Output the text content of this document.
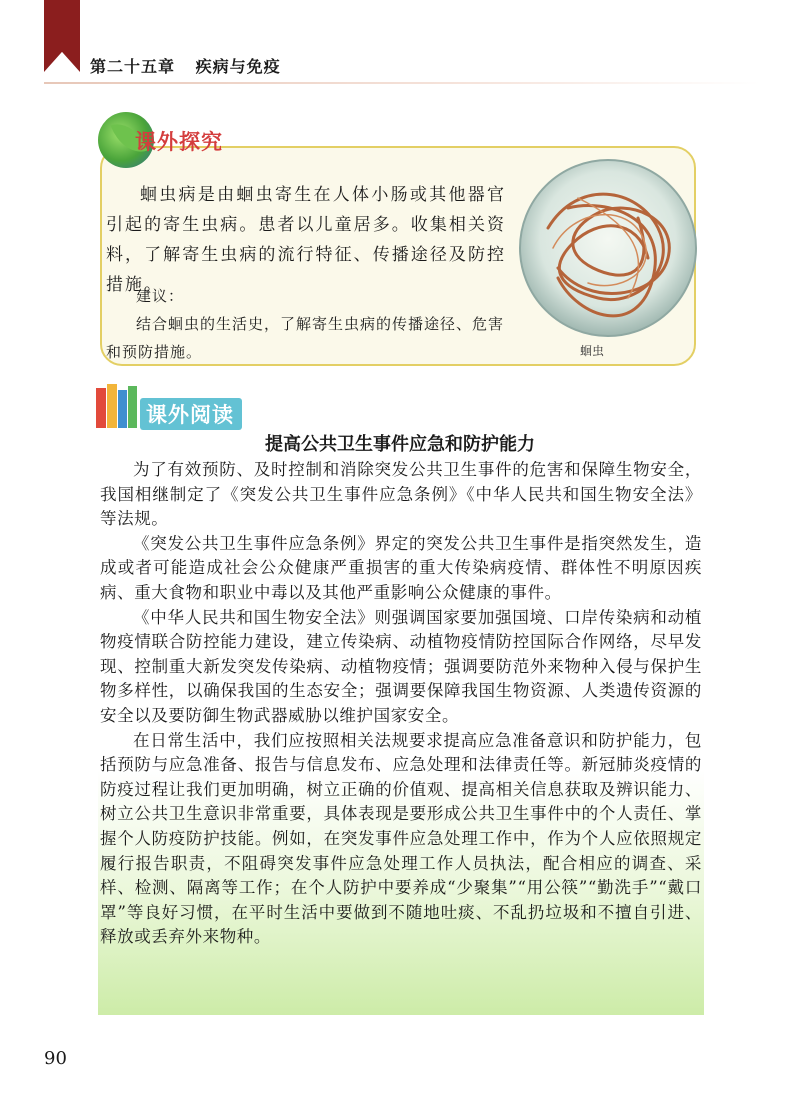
第二十五章 疾病与免疫
课外探究

蛔虫病是由蛔虫寄生在人体小肠或其他器官引起的寄生虫病。患者以儿童居多。收集相关资料，了解寄生虫病的流行特征、传播途径及防控措施。

建议：

结合蛔虫的生活史，了解寄生虫病的传播途径、危害和预防措施。	蛔虫
课外阅读
提高公共卫生事件应急和防护能力

为了有效预防、及时控制和消除突发公共卫生事件的危害和保障生物安全，我国相继制定了《突发公共卫生事件应急条例》《中华人民共和国生物安全法》等法规。

《突发公共卫生事件应急条例》界定的突发公共卫生事件是指突然发生，造成或者可能造成社会公众健康严重损害的重大传染病疫情、群体性不明原因疾病、重大食物和职业中毒以及其他严重影响公众健康的事件。

《中华人民共和国生物安全法》则强调国家要加强国境、口岸传染病和动植物疫情联合防控能力建设，建立传染病、动植物疫情防控国际合作网络，尽早发现、控制重大新发突发传染病、动植物疫情；强调要防范外来物种入侵与保护生物多样性，以确保我国的生态安全；强调要保障我国生物资源、人类遗传资源的安全以及要防御生物武器威胁以维护国家安全。

在日常生活中，我们应按照相关法规要求提高应急准备意识和防护能力，包括预防与应急准备、报告与信息发布、应急处理和法律责任等。新冠肺炎疫情的防疫过程让我们更加明确，树立正确的价值观、提高相关信息获取及辨识能力、树立公共卫生意识非常重要，具体表现是要形成公共卫生事件中的个人责任、掌握个人防疫防护技能。例如，在突发事件应急处理工作中，作为个人应依照规定履行报告职责，不阻碍突发事件应急处理工作人员执法，配合相应的调查、采样、检测、隔离等工作；在个人防护中要养成“少聚集”“用公筷”“勤洗手”“戴口罩”等良好习惯，在平时生活中要做到不随地吐痰、不乱扔垃圾和不擅自引进、释放或丢弃外来物种。

90
